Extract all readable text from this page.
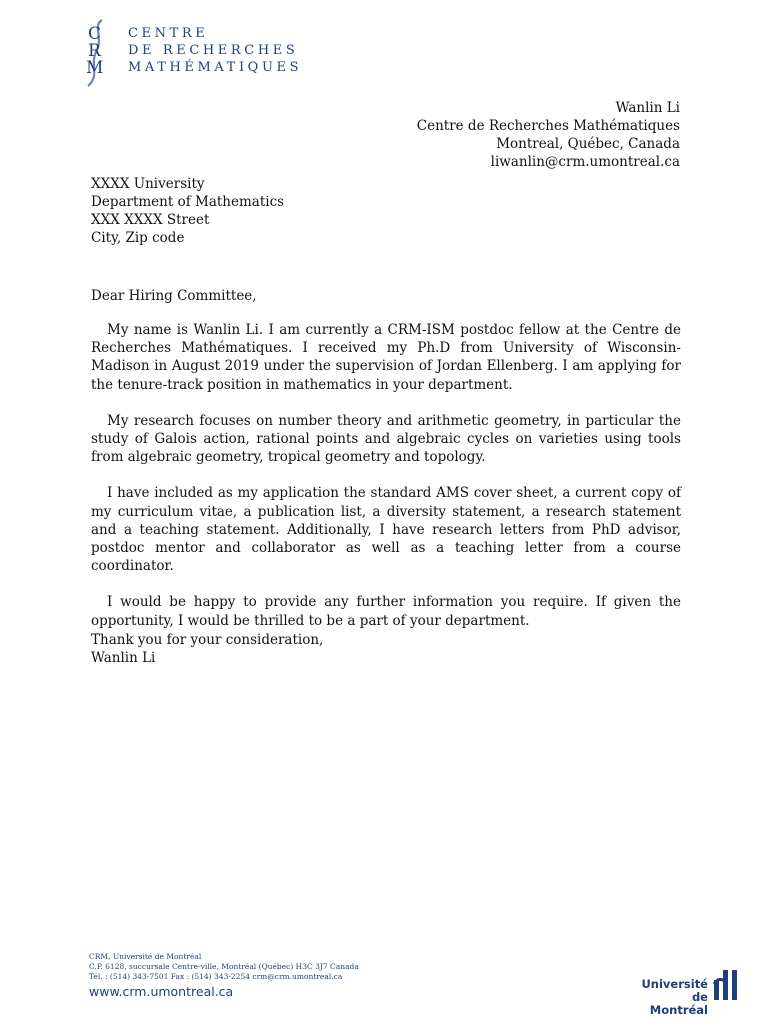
C
R
M
CENTRE
DE RECHERCHES
MATHÉMATIQUES
Wanlin Li
Centre de Recherches Mathématiques
Montreal, Québec, Canada
liwanlin@crm.umontreal.ca
XXXX University
Department of Mathematics
XXX XXXX Street
City, Zip code
Dear Hiring Committee,

My name is Wanlin Li. I am currently a CRM-ISM postdoc fellow at the Centre de Recherches Mathématiques. I received my Ph.D from University of Wisconsin-Madison in August 2019 under the supervision of Jordan Ellenberg. I am applying for the tenure-track position in mathematics in your department.

My research focuses on number theory and arithmetic geometry, in particular the study of Galois action, rational points and algebraic cycles on varieties using tools from algebraic geometry, tropical geometry and topology.

I have included as my application the standard AMS cover sheet, a current copy of my curriculum vitae, a publication list, a diversity statement, a research statement and a teaching statement. Additionally, I have research letters from PhD advisor, postdoc mentor and collaborator as well as a teaching letter from a course coordinator.

I would be happy to provide any further information you require. If given the opportunity, I would be thrilled to be a part of your department.

Thank you for your consideration,
Wanlin Li
CRM, Université de Montréal
C.P. 6128, succursale Centre-ville, Montréal (Québec) H3C 3J7 Canada
Tél. : (514) 343-7501 Fax : (514) 343-2254 crm@crm.umontreal.ca
www.crm.umontreal.ca	Université
de Montréal
